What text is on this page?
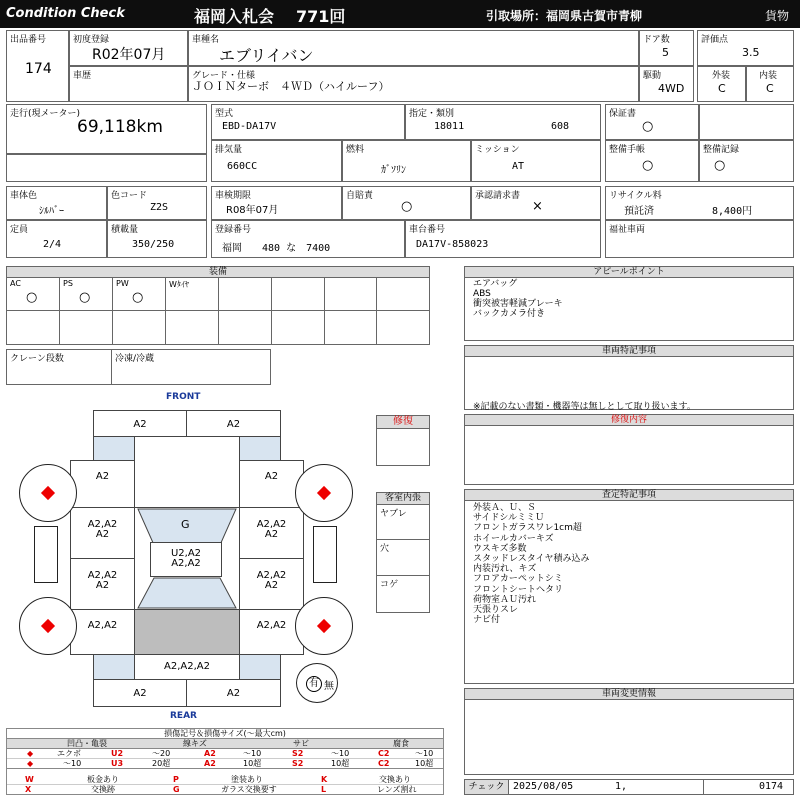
Condition Check	福岡入札会 771回	引取場所：福岡県古賀市青柳	貨物
出品番号
174
初度登録
R02年07月
車歴
車種名
エブリイバン
グレード・仕様
ＪＯＩＮターボ　４ＷＤ（ハイルーフ）
ドア数
5
評価点
3.5
駆動
4WD
外装
C
内装
C
走行(現メーター)
69,118km
型式
EBD-DA17V
指定・類別
18011	608
排気量
660CC
燃料
ｶﾞｿﾘﾝ
ミッション
AT
保証書
○
整備手帳
○
整備記録
○
車体色
ｼﾙﾊﾞｰ
色コード
Z2S
定員
2/4
積載量
350/250
車検期限
R08年07月
自賠責
○
承認請求書
×
登録番号
福岡　　480 な　7400
車台番号
DA17V-858023
リサイクル料
預託済	8,400円
福祉車両
装備
AC
○
PS
○
PW
○
Wﾀｲﾔ
クレーン段数	冷凍/冷蔵
アピールポイント
エアバッグ
ABS
衝突被害軽減ブレーキ
バックカメラ付き
車両特記事項
※記載のない書類・機器等は無しとして取り扱います。
修復内容
査定特記事項
外装Ａ、Ｕ、Ｓ
サイドシルミミＵ
フロントガラスワレ1cm超
ホイールカバーキズ
ウスキズ多数
スタッドレスタイヤ積み込み
内装汚れ、キズ
フロアカーペットシミ
フロントシートヘタリ
荷物室ＡＵ汚れ
天張りスレ
ナビ付
車両変更情報
チェック 2025/08/05	1,	0174
修復
客室内張
ヤブレ
穴
コゲ
FRONT
REAR
A2	A2
A2	A2
G
A2,A2
A2
A2,A2
A2
U2,A2
A2,A2
A2,A2
A2
A2,A2
A2
A2,A2	A2,A2
A2,A2,A2
A2	A2
有 無
損傷記号＆損傷サイズ(～最大cm)
凹凸・亀裂	線キズ	サビ	腐食
◆	エクボ	U2	～20	A2	～10	S2	～10	C2	～10
◆	～10	U3	20超	A2	10超	S2	10超	C2	10超
W	板金あり	P	塗装あり	K	交換あり
X	交換跡	G	ガラス交換要す	L	レンズ割れ
